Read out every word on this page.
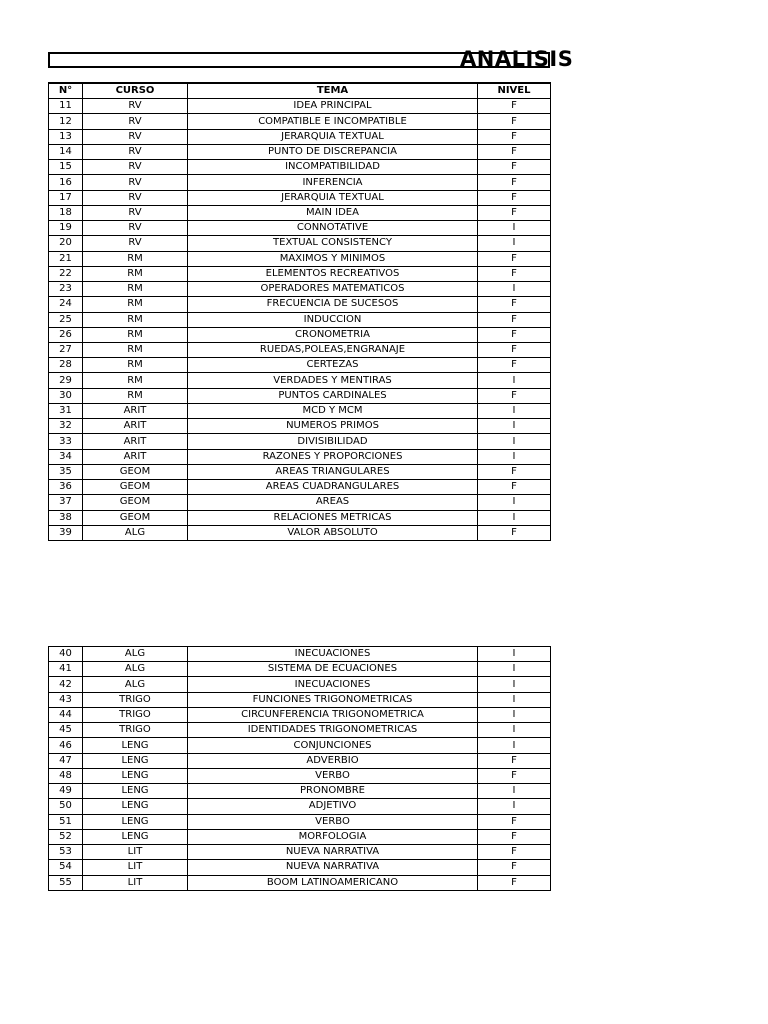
ANALISIS
N°	CURSO	TEMA	NIVEL
11	RV	IDEA PRINCIPAL	F
12	RV	COMPATIBLE E INCOMPATIBLE	F
13	RV	JERARQUIA TEXTUAL	F
14	RV	PUNTO DE DISCREPANCIA	F
15	RV	INCOMPATIBILIDAD	F
16	RV	INFERENCIA	F
17	RV	JERARQUIA TEXTUAL	F
18	RV	MAIN IDEA	F
19	RV	CONNOTATIVE	I
20	RV	TEXTUAL CONSISTENCY	I
21	RM	MAXIMOS Y MINIMOS	F
22	RM	ELEMENTOS RECREATIVOS	F
23	RM	OPERADORES MATEMATICOS	I
24	RM	FRECUENCIA DE SUCESOS	F
25	RM	INDUCCION	F
26	RM	CRONOMETRIA	F
27	RM	RUEDAS,POLEAS,ENGRANAJE	F
28	RM	CERTEZAS	F
29	RM	VERDADES Y MENTIRAS	I
30	RM	PUNTOS CARDINALES	F
31	ARIT	MCD Y MCM	I
32	ARIT	NUMEROS PRIMOS	I
33	ARIT	DIVISIBILIDAD	I
34	ARIT	RAZONES Y PROPORCIONES	I
35	GEOM	AREAS TRIANGULARES	F
36	GEOM	AREAS CUADRANGULARES	F
37	GEOM	AREAS	I
38	GEOM	RELACIONES METRICAS	I
39	ALG	VALOR ABSOLUTO	F
40	ALG	INECUACIONES	I
41	ALG	SISTEMA DE ECUACIONES	I
42	ALG	INECUACIONES	I
43	TRIGO	FUNCIONES TRIGONOMETRICAS	I
44	TRIGO	CIRCUNFERENCIA TRIGONOMETRICA	I
45	TRIGO	IDENTIDADES TRIGONOMETRICAS	I
46	LENG	CONJUNCIONES	I
47	LENG	ADVERBIO	F
48	LENG	VERBO	F
49	LENG	PRONOMBRE	I
50	LENG	ADJETIVO	I
51	LENG	VERBO	F
52	LENG	MORFOLOGIA	F
53	LIT	NUEVA NARRATIVA	F
54	LIT	NUEVA NARRATIVA	F
55	LIT	BOOM LATINOAMERICANO	F
